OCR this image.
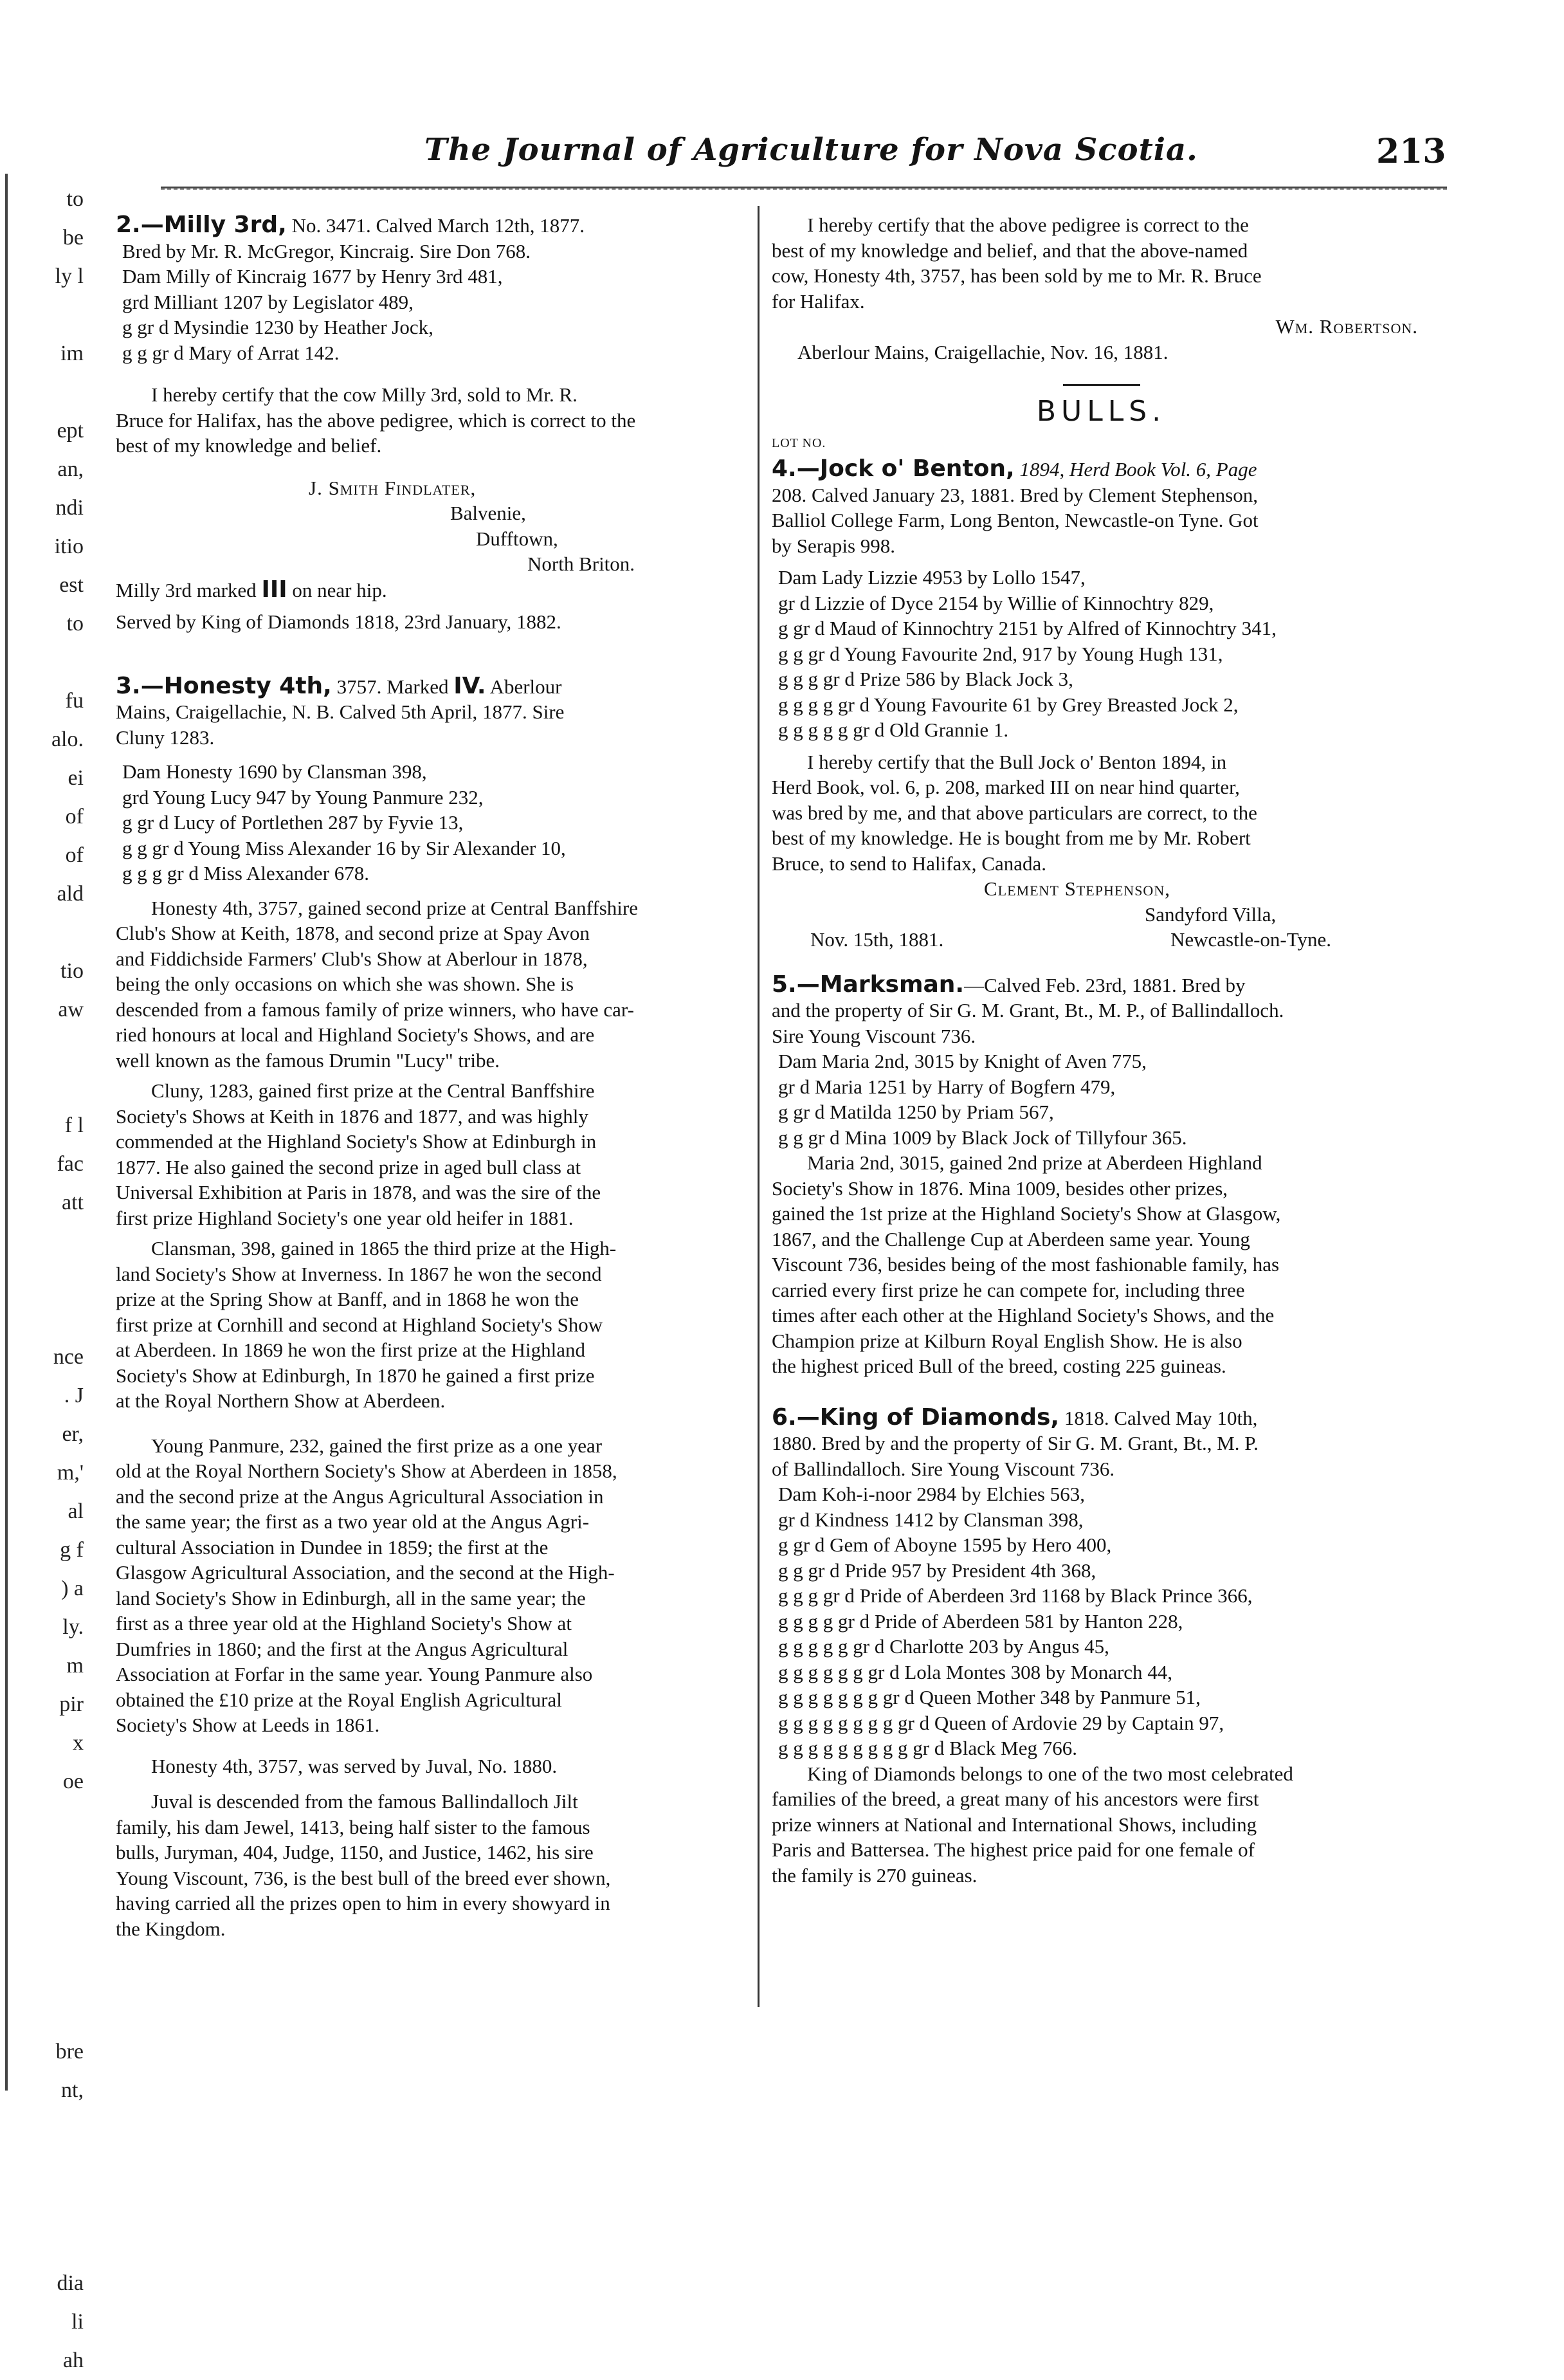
to
be
ly l

im

ept
an,
ndi
itio
est
to

fu
alo.
ei
of
of
ald

tio
aw

f l
fac
att

nce
. J
er,
m,'
al
g f
) a
ly.
m
pir
x
oe

bre
nt,

dia
li
ah
The Journal of Agriculture for Nova Scotia.	213
2.—Milly 3rd, No. 3471. Calved March 12th, 1877.
Bred by Mr. R. McGregor, Kincraig. Sire Don 768.
Dam Milly of Kincraig 1677 by Henry 3rd 481,
grd Milliant 1207 by Legislator 489,
g gr d Mysindie 1230 by Heather Jock,
g g gr d Mary of Arrat 142.
I hereby certify that the cow Milly 3rd, sold to Mr. R.
Bruce for Halifax, has the above pedigree, which is correct to the
best of my knowledge and belief.
J. Smith Findlater,
Balvenie,
Dufftown,
North Briton.
Milly 3rd marked III on near hip.
Served by King of Diamonds 1818, 23rd January, 1882.
3.—Honesty 4th, 3757. Marked IV. Aberlour
Mains, Craigellachie, N. B. Calved 5th April, 1877. Sire
Cluny 1283.
Dam Honesty 1690 by Clansman 398,
grd Young Lucy 947 by Young Panmure 232,
g gr d Lucy of Portlethen 287 by Fyvie 13,
g g gr d Young Miss Alexander 16 by Sir Alexander 10,
g g g gr d Miss Alexander 678.
Honesty 4th, 3757, gained second prize at Central Banffshire
Club's Show at Keith, 1878, and second prize at Spay Avon
and Fiddichside Farmers' Club's Show at Aberlour in 1878,
being the only occasions on which she was shown. She is
descended from a famous family of prize winners, who have car-
ried honours at local and Highland Society's Shows, and are
well known as the famous Drumin "Lucy" tribe.
Cluny, 1283, gained first prize at the Central Banffshire
Society's Shows at Keith in 1876 and 1877, and was highly
commended at the Highland Society's Show at Edinburgh in
1877. He also gained the second prize in aged bull class at
Universal Exhibition at Paris in 1878, and was the sire of the
first prize Highland Society's one year old heifer in 1881.
Clansman, 398, gained in 1865 the third prize at the High-
land Society's Show at Inverness. In 1867 he won the second
prize at the Spring Show at Banff, and in 1868 he won the
first prize at Cornhill and second at Highland Society's Show
at Aberdeen. In 1869 he won the first prize at the Highland
Society's Show at Edinburgh, In 1870 he gained a first prize
at the Royal Northern Show at Aberdeen.
Young Panmure, 232, gained the first prize as a one year
old at the Royal Northern Society's Show at Aberdeen in 1858,
and the second prize at the Angus Agricultural Association in
the same year; the first as a two year old at the Angus Agri-
cultural Association in Dundee in 1859; the first at the
Glasgow Agricultural Association, and the second at the High-
land Society's Show in Edinburgh, all in the same year; the
first as a three year old at the Highland Society's Show at
Dumfries in 1860; and the first at the Angus Agricultural
Association at Forfar in the same year. Young Panmure also
obtained the £10 prize at the Royal English Agricultural
Society's Show at Leeds in 1861.
Honesty 4th, 3757, was served by Juval, No. 1880.
Juval is descended from the famous Ballindalloch Jilt
family, his dam Jewel, 1413, being half sister to the famous
bulls, Juryman, 404, Judge, 1150, and Justice, 1462, his sire
Young Viscount, 736, is the best bull of the breed ever shown,
having carried all the prizes open to him in every showyard in
the Kingdom.
I hereby certify that the above pedigree is correct to the
best of my knowledge and belief, and that the above-named
cow, Honesty 4th, 3757, has been sold by me to Mr. R. Bruce
for Halifax.
Wm. Robertson.
Aberlour Mains, Craigellachie, Nov. 16, 1881.
BULLS.
LOT NO.
4.—Jock o' Benton, 1894, Herd Book Vol. 6, Page
208. Calved January 23, 1881. Bred by Clement Stephenson,
Balliol College Farm, Long Benton, Newcastle-on Tyne. Got
by Serapis 998.
Dam Lady Lizzie 4953 by Lollo 1547,
gr d Lizzie of Dyce 2154 by Willie of Kinnochtry 829,
g gr d Maud of Kinnochtry 2151 by Alfred of Kinnochtry 341,
g g gr d Young Favourite 2nd, 917 by Young Hugh 131,
g g g gr d Prize 586 by Black Jock 3,
g g g g gr d Young Favourite 61 by Grey Breasted Jock 2,
g g g g g gr d Old Grannie 1.
I hereby certify that the Bull Jock o' Benton 1894, in
Herd Book, vol. 6, p. 208, marked III on near hind quarter,
was bred by me, and that above particulars are correct, to the
best of my knowledge. He is bought from me by Mr. Robert
Bruce, to send to Halifax, Canada.
Clement Stephenson,
Sandyford Villa,
Nov. 15th, 1881.	Newcastle-on-Tyne.
5.—Marksman.—Calved Feb. 23rd, 1881. Bred by
and the property of Sir G. M. Grant, Bt., M. P., of Ballindalloch.
Sire Young Viscount 736.
Dam Maria 2nd, 3015 by Knight of Aven 775,
gr d Maria 1251 by Harry of Bogfern 479,
g gr d Matilda 1250 by Priam 567,
g g gr d Mina 1009 by Black Jock of Tillyfour 365.
Maria 2nd, 3015, gained 2nd prize at Aberdeen Highland
Society's Show in 1876. Mina 1009, besides other prizes,
gained the 1st prize at the Highland Society's Show at Glasgow,
1867, and the Challenge Cup at Aberdeen same year. Young
Viscount 736, besides being of the most fashionable family, has
carried every first prize he can compete for, including three
times after each other at the Highland Society's Shows, and the
Champion prize at Kilburn Royal English Show. He is also
the highest priced Bull of the breed, costing 225 guineas.
6.—King of Diamonds, 1818. Calved May 10th,
1880. Bred by and the property of Sir G. M. Grant, Bt., M. P.
of Ballindalloch. Sire Young Viscount 736.
Dam Koh-i-noor 2984 by Elchies 563,
gr d Kindness 1412 by Clansman 398,
g gr d Gem of Aboyne 1595 by Hero 400,
g g gr d Pride 957 by President 4th 368,
g g g gr d Pride of Aberdeen 3rd 1168 by Black Prince 366,
g g g g gr d Pride of Aberdeen 581 by Hanton 228,
g g g g g gr d Charlotte 203 by Angus 45,
g g g g g g gr d Lola Montes 308 by Monarch 44,
g g g g g g g gr d Queen Mother 348 by Panmure 51,
g g g g g g g g gr d Queen of Ardovie 29 by Captain 97,
g g g g g g g g g gr d Black Meg 766.
King of Diamonds belongs to one of the two most celebrated
families of the breed, a great many of his ancestors were first
prize winners at National and International Shows, including
Paris and Battersea. The highest price paid for one female of
the family is 270 guineas.
